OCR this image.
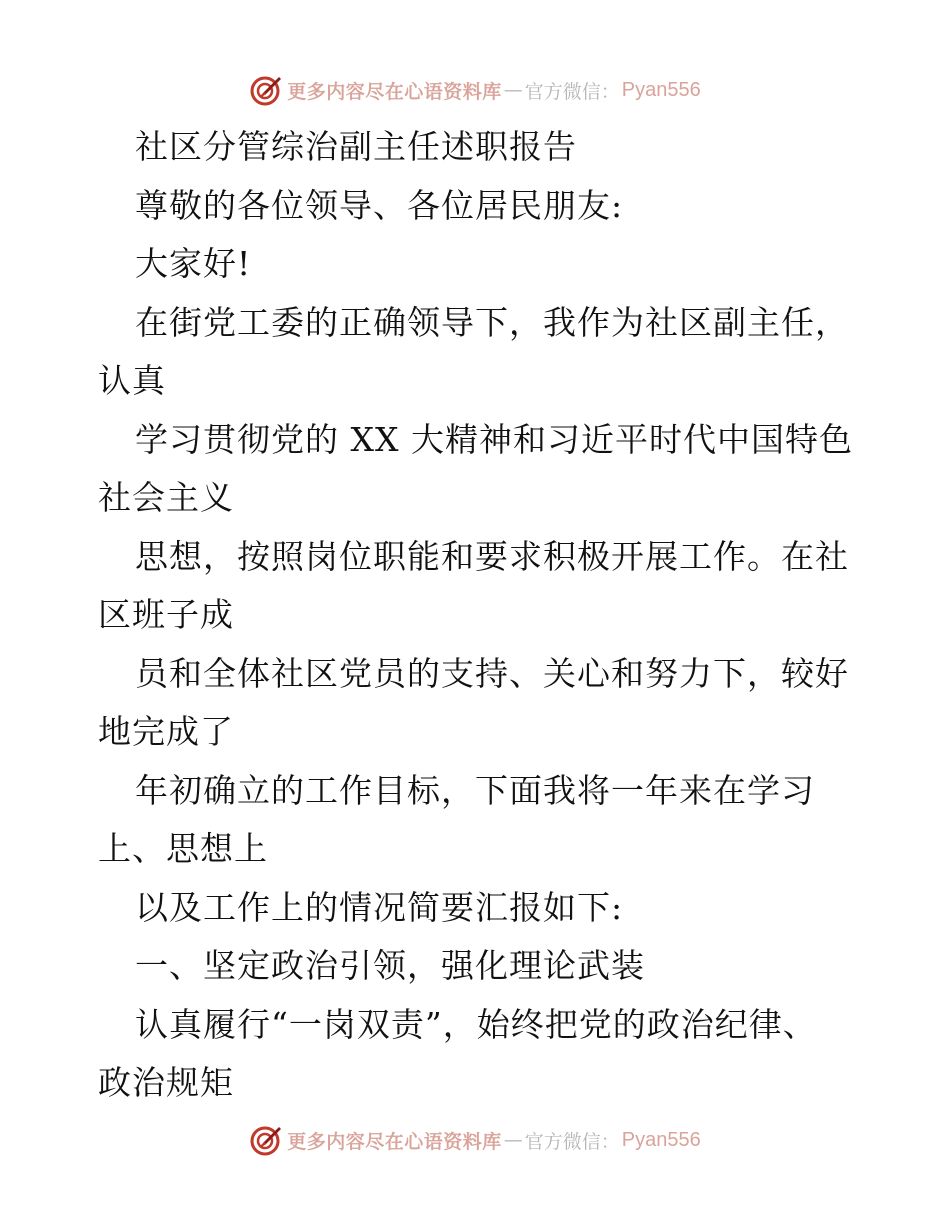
更多内容尽在心语资料库 — 官方微信： Pyan556
社区分管综治副主任述职报告
尊敬的各位领导、各位居民朋友:
大家好!
在街党工委的正确领导下，我作为社区副主任，
认真
学习贯彻党的 XX 大精神和习近平时代中国特色
社会主义
思想，按照岗位职能和要求积极开展工作。在社
区班子成
员和全体社区党员的支持、关心和努力下，较好
地完成了
年初确立的工作目标，下面我将一年来在学习
上、思想上
以及工作上的情况简要汇报如下:
一、坚定政治引领，强化理论武装
认真履行“一岗双责”，始终把党的政治纪律、
政治规矩
更多内容尽在心语资料库 — 官方微信： Pyan556
